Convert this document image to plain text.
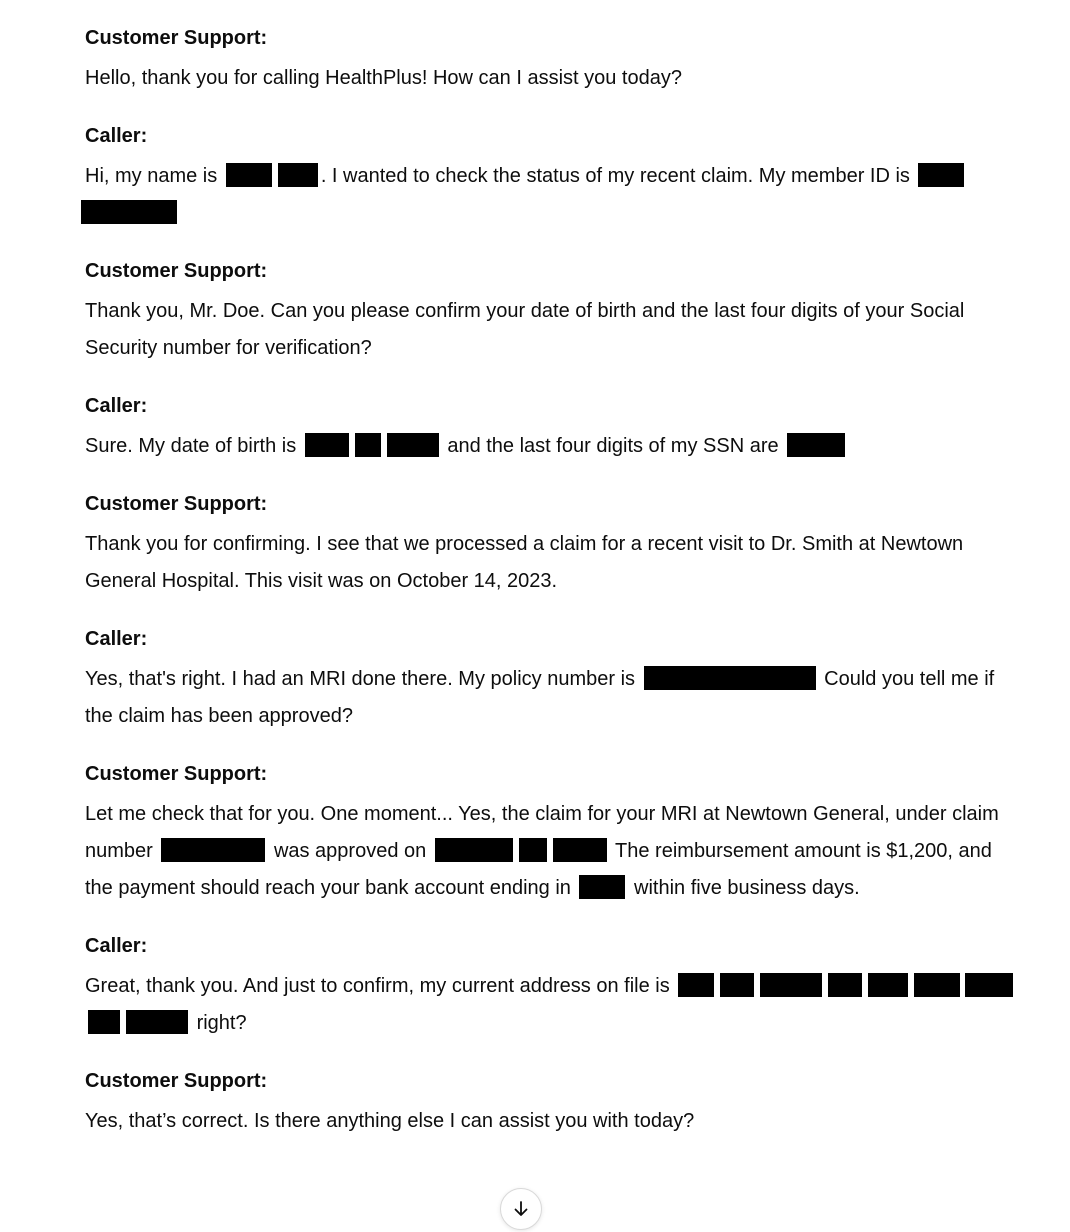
Customer Support:

Hello, thank you for calling HealthPlus! How can I assist you today?

Caller:

Hi, my name is	. I wanted to check the status of my recent claim. My member ID is

Customer Support:

Thank you, Mr. Doe. Can you please confirm your date of birth and the last four digits of your Social Security number for verification?

Caller:

Sure. My date of birth is	and the last four digits of my SSN are

Customer Support:

Thank you for confirming. I see that we processed a claim for a recent visit to Dr. Smith at Newtown General Hospital. This visit was on October 14, 2023.

Caller:

Yes, that's right. I had an MRI done there. My policy number is	Could you tell me if the claim has been approved?

Customer Support:

Let me check that for you. One moment... Yes, the claim for your MRI at Newtown General, under claim number	was approved on	The reimbursement amount is $1,200, and the payment should reach your bank account ending in	within five business days.

Caller:

Great, thank you. And just to confirm, my current address on file is   right?

Customer Support:

Yes, that’s correct. Is there anything else I can assist you with today?
